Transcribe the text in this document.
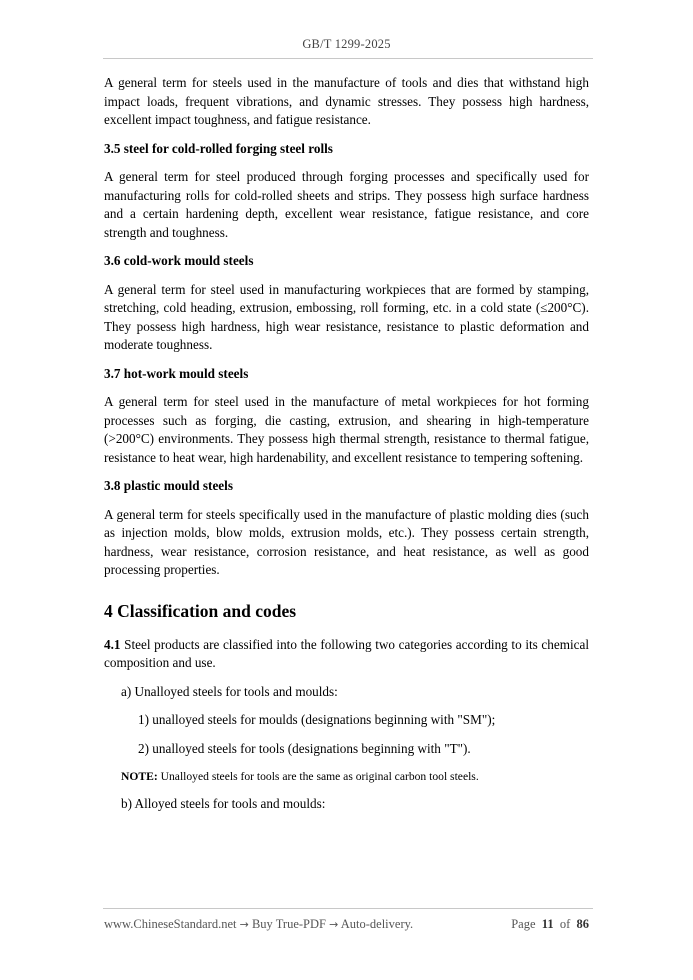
GB/T 1299-2025

A general term for steels used in the manufacture of tools and dies that withstand high impact loads, frequent vibrations, and dynamic stresses. They possess high hardness, excellent impact toughness, and fatigue resistance.

3.5 steel for cold-rolled forging steel rolls

A general term for steel produced through forging processes and specifically used for manufacturing rolls for cold-rolled sheets and strips. They possess high surface hardness and a certain hardening depth, excellent wear resistance, fatigue resistance, and core strength and toughness.

3.6 cold-work mould steels

A general term for steel used in manufacturing workpieces that are formed by stamping, stretching, cold heading, extrusion, embossing, roll forming, etc. in a cold state (≤200°C). They possess high hardness, high wear resistance, resistance to plastic deformation and moderate toughness.

3.7 hot-work mould steels

A general term for steel used in the manufacture of metal workpieces for hot forming processes such as forging, die casting, extrusion, and shearing in high-temperature (>200°C) environments. They possess high thermal strength, resistance to thermal fatigue, resistance to heat wear, high hardenability, and excellent resistance to tempering softening.

3.8 plastic mould steels

A general term for steels specifically used in the manufacture of plastic molding dies (such as injection molds, blow molds, extrusion molds, etc.). They possess certain strength, hardness, wear resistance, corrosion resistance, and heat resistance, as well as good processing properties.

4 Classification and codes

4.1 Steel products are classified into the following two categories according to its chemical composition and use.

a) Unalloyed steels for tools and moulds:
1) unalloyed steels for moulds (designations beginning with "SM");
2) unalloyed steels for tools (designations beginning with "T").
NOTE: Unalloyed steels for tools are the same as original carbon tool steels.
b) Alloyed steels for tools and moulds:
www.ChineseStandard.net → Buy True-PDF → Auto-delivery.	Page 11 of 86
